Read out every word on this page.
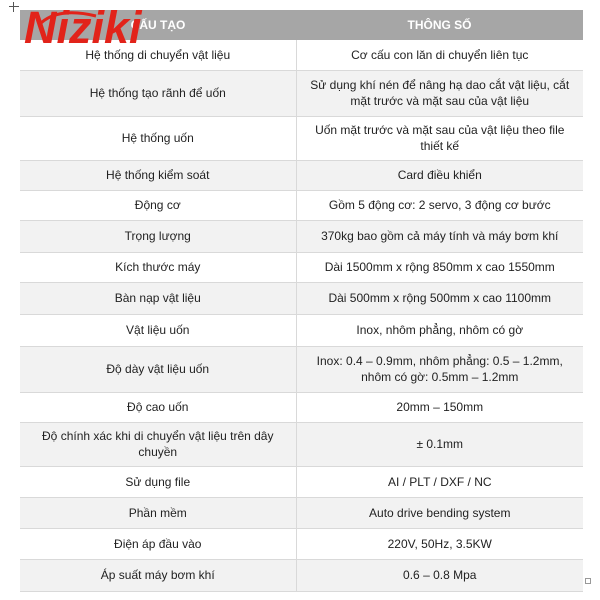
CẤU TẠO	THÔNG SỐ
Hệ thống di chuyển vật liệu	Cơ cấu con lăn di chuyển liên tục
Hệ thống tạo rãnh để uốn	Sử dụng khí nén để nâng hạ dao cắt vật liệu, cắt mặt trước và mặt sau của vật liệu
Hệ thống uốn	Uốn mặt trước và mặt sau của vật liệu theo file thiết kế
Hệ thống kiểm soát	Card điều khiển
Động cơ	Gồm 5 động cơ: 2 servo, 3 động cơ bước
Trọng lượng	370kg bao gồm cả máy tính và máy bơm khí
Kích thước máy	Dài 1500mm x rộng 850mm x cao 1550mm
Bàn nạp vật liệu	Dài 500mm x rộng 500mm x cao 1100mm
Vật liệu uốn	Inox, nhôm phẳng, nhôm có gờ
Độ dày vật liệu uốn	Inox: 0.4 – 0.9mm, nhôm phẳng: 0.5 – 1.2mm, nhôm có gờ: 0.5mm – 1.2mm
Độ cao uốn	20mm – 150mm
Độ chính xác khi di chuyển vật liệu trên dây chuyền	± 0.1mm
Sử dụng file	AI / PLT / DXF / NC
Phần mềm	Auto drive bending system
Điện áp đầu vào	220V, 50Hz, 3.5KW
Áp suất máy bơm khí	0.6 – 0.8 Mpa
Niziki
